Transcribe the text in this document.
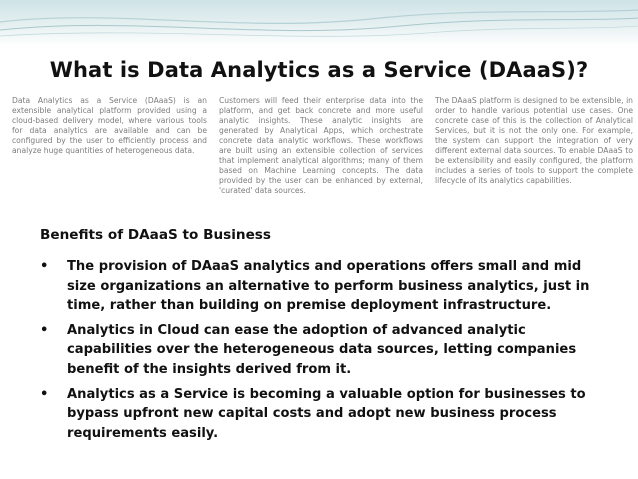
What is Data Analytics as a Service (DAaaS)?
Data Analytics as a Service (DAaaS) is an extensible analytical platform provided using a cloud-based delivery model, where various tools for data analytics are available and can be configured by the user to efficiently process and analyze huge quantities of heterogeneous data.
Customers will feed their enterprise data into the platform, and get back concrete and more useful analytic insights. These analytic insights are generated by Analytical Apps, which orchestrate concrete data analytic workflows. These workflows are built using an extensible collection of services that implement analytical algorithms; many of them based on Machine Learning concepts. The data provided by the user can be enhanced by external, 'curated' data sources.
The DAaaS platform is designed to be extensible, in order to handle various potential use cases. One concrete case of this is the collection of Analytical Services, but it is not the only one. For example, the system can support the integration of very different external data sources. To enable DAaaS to be extensibility and easily configured, the platform includes a series of tools to support the complete lifecycle of its analytics capabilities.
Benefits of DAaaS to Business
• The provision of DAaaS analytics and operations offers small and mid size organizations an alternative to perform business analytics, just in time, rather than building on premise deployment infrastructure.
• Analytics in Cloud can ease the adoption of advanced analytic capabilities over the heterogeneous data sources, letting companies benefit of the insights derived from it.
• Analytics as a Service is becoming a valuable option for businesses to bypass upfront new capital costs and adopt new business process requirements easily.
